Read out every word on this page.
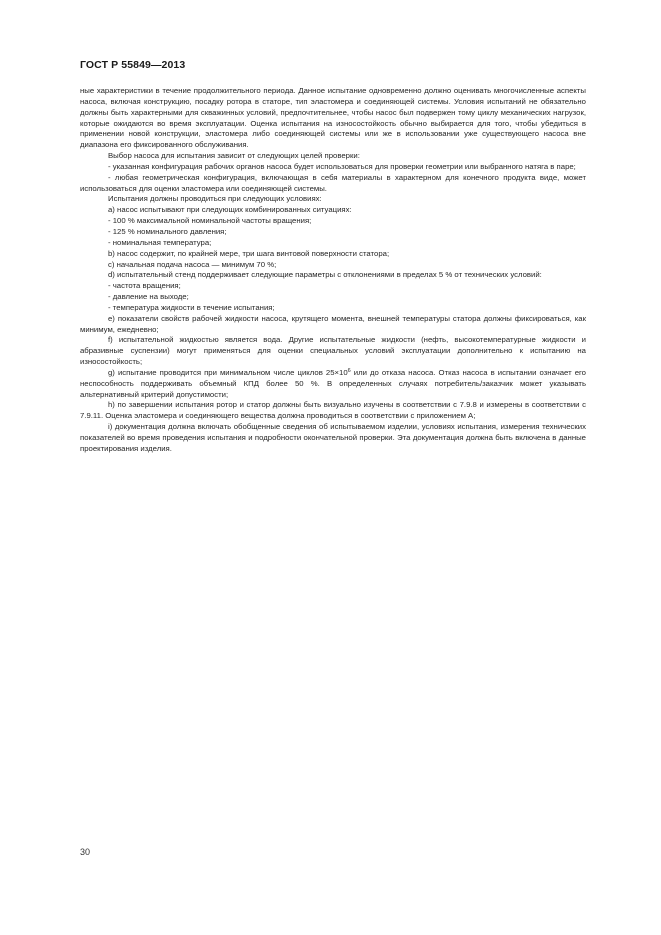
ГОСТ Р 55849—2013

ные характеристики в течение продолжительного периода. Данное испытание одновременно должно оценивать многочисленные аспекты насоса, включая конструкцию, посадку ротора в статоре, тип эластомера и соединяющей системы. Условия испытаний не обязательно должны быть характерными для скважинных условий, предпочтительнее, чтобы насос был подвержен тому циклу механических нагрузок, которые ожидаются во время эксплуатации. Оценка испытания на износостойкость обычно выбирается для того, чтобы убедиться в применении новой конструкции, эластомера либо соединяющей системы или же в использовании уже существующего насоса вне диапазона его фиксированного обслуживания.

Выбор насоса для испытания зависит от следующих целей проверки:

- указанная конфигурация рабочих органов насоса будет использоваться для проверки геометрии или выбранного натяга в паре;

- любая геометрическая конфигурация, включающая в себя материалы в характерном для конечного продукта виде, может использоваться для оценки эластомера или соединяющей системы.

Испытания должны проводиться при следующих условиях:

а) насос испытывают при следующих комбинированных ситуациях:

- 100 % максимальной номинальной частоты вращения;

- 125 % номинального давления;

- номинальная температура;

b) насос содержит, по крайней мере, три шага винтовой поверхности статора;

c) начальная подача насоса — минимум 70 %;

d) испытательный стенд поддерживает следующие параметры с отклонениями в пределах 5 % от технических условий:

- частота вращения;

- давление на выходе;

- температура жидкости в течение испытания;

е) показатели свойств рабочей жидкости насоса, крутящего момента, внешней температуры статора должны фиксироваться, как минимум, ежедневно;

f) испытательной жидкостью является вода. Другие испытательные жидкости (нефть, высокотемпературные жидкости и абразивные суспензии) могут применяться для оценки специальных условий эксплуатации дополнительно к испытанию на износостойкость;

g) испытание проводится при минимальном числе циклов $25\times 10^6$ или до отказа насоса. Отказ насоса в испытании означает его неспособность поддерживать объемный КПД более 50 %. В определенных случаях потребитель/заказчик может указывать альтернативный критерий допустимости;

h) по завершении испытания ротор и статор должны быть визуально изучены в соответствии с 7.9.8 и измерены в соответствии с 7.9.11. Оценка эластомера и соединяющего вещества должна проводиться в соответствии с приложением А;

i) документация должна включать обобщенные сведения об испытываемом изделии, условиях испытания, измерения технических показателей во время проведения испытания и подробности окончательной проверки. Эта документация должна быть включена в данные проектирования изделия.

30
